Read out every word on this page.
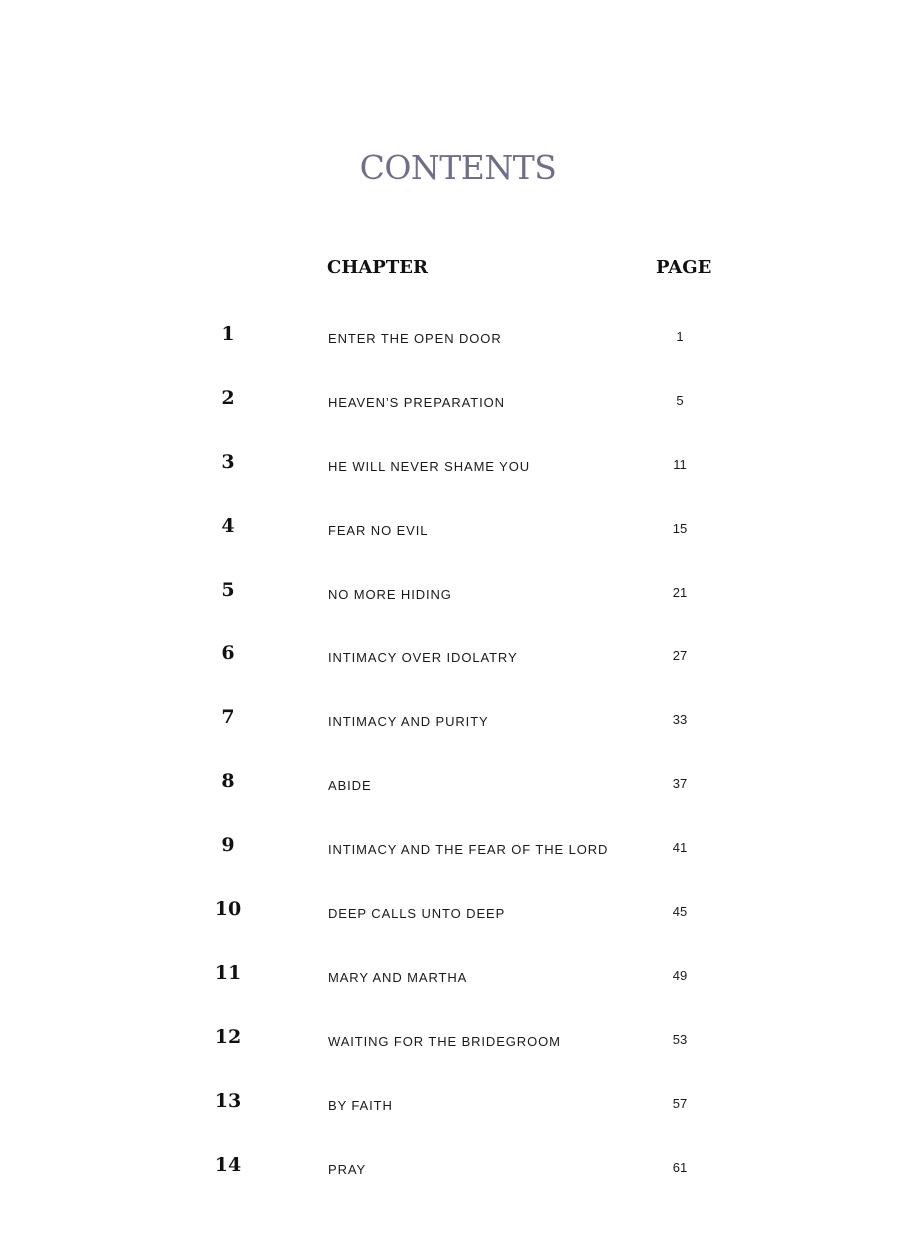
CONTENTS
CHAPTER	PAGE
1	ENTER THE OPEN DOOR	1
2	HEAVEN’S PREPARATION	5
3	HE WILL NEVER SHAME YOU	11
4	FEAR NO EVIL	15
5	NO MORE HIDING	21
6	INTIMACY OVER IDOLATRY	27
7	INTIMACY AND PURITY	33
8	ABIDE	37
9	INTIMACY AND THE FEAR OF THE LORD	41
10	DEEP CALLS UNTO DEEP	45
11	MARY AND MARTHA	49
12	WAITING FOR THE BRIDEGROOM	53
13	BY FAITH	57
14	PRAY	61
